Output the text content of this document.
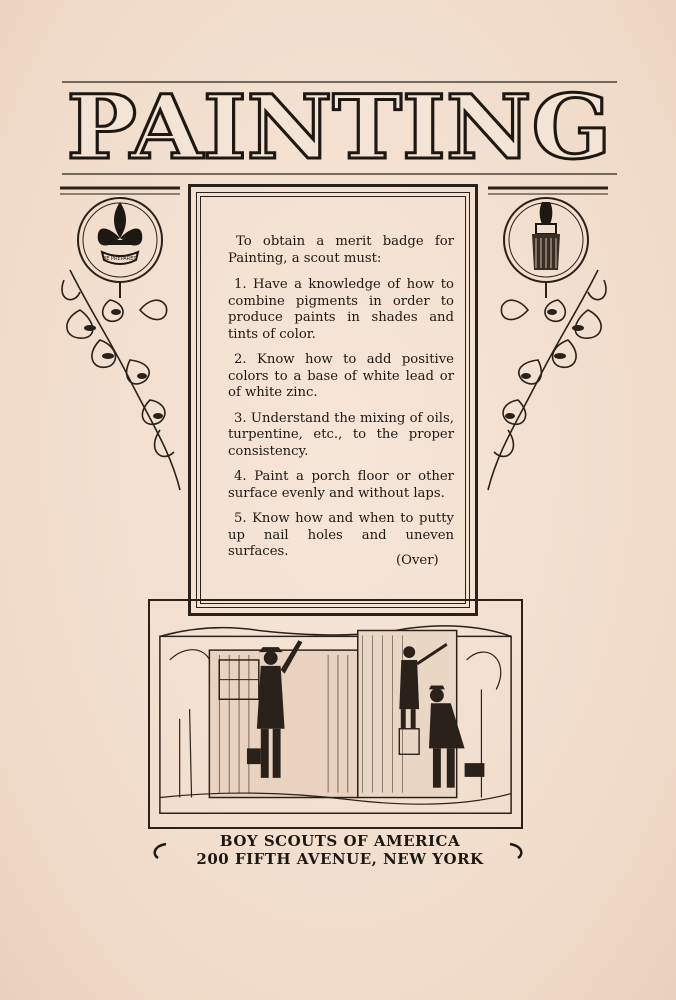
PAINTING
BE PREPARED

To obtain a merit badge for Painting, a scout must:

1. Have a knowledge of how to combine pigments in order to produce paints in shades and tints of color.

2. Know how to add positive colors to a base of white lead or of white zinc.

3. Understand the mixing of oils, turpentine, etc., to the proper consistency.

4. Paint a porch floor or other surface evenly and without laps.

5. Know how and when to putty up nail holes and uneven surfaces.

(Over)
BOY SCOUTS OF AMERICA
200 FIFTH AVENUE, NEW YORK
